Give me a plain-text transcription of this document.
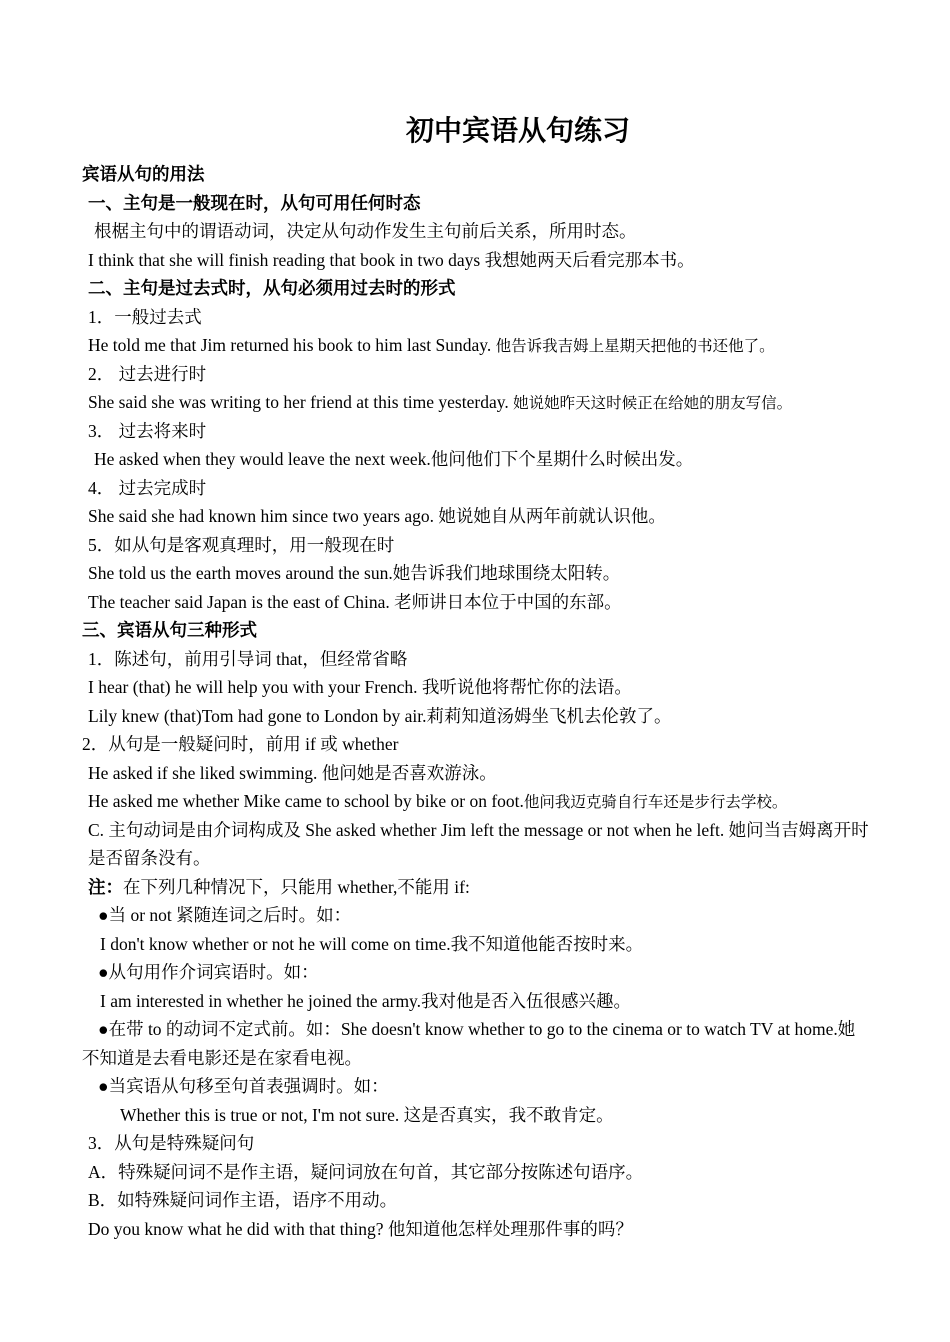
初中宾语从句练习
宾语从句的用法
一、主句是一般现在时，从句可用任何时态
根椐主句中的谓语动词，决定从句动作发生主句前后关系，所用时态。
I think that she will finish reading that book in two days 我想她两天后看完那本书。
二、主句是过去式时，从句必须用过去时的形式
1．一般过去式
He told me that Jim returned his book to him last Sunday. 他告诉我吉姆上星期天把他的书还他了。
2． 过去进行时
She said she was writing to her friend at this time yesterday. 她说她昨天这时候正在给她的朋友写信。
3． 过去将来时
He asked when they would leave the next week.他问他们下个星期什么时候出发。
4． 过去完成时
She said she had known him since two years ago. 她说她自从两年前就认识他。
5．如从句是客观真理时，用一般现在时
She told us the earth moves around the sun.她告诉我们地球围绕太阳转。
The teacher said Japan is the east of China. 老师讲日本位于中国的东部。
三、宾语从句三种形式
1．陈述句，前用引导词 that，但经常省略
I hear (that) he will help you with your French. 我听说他将帮忙你的法语。
Lily knew (that)Tom had gone to London by air.莉莉知道汤姆坐飞机去伦敦了。
2．从句是一般疑问时，前用 if 或 whether
He asked if she liked swimming. 他问她是否喜欢游泳。
He asked me whether Mike came to school by bike or on foot.他问我迈克骑自行车还是步行去学校。
C. 主句动词是由介词构成及 She asked whether Jim left the message or not when he left. 她问当吉姆离开时是否留条没有。
注：在下列几种情况下，只能用 whether,不能用 if:
●当 or not 紧随连词之后时。如：
I don't know whether or not he will come on time.我不知道他能否按时来。
●从句用作介词宾语时。如：
I am interested in whether he joined the army.我对他是否入伍很感兴趣。
●在带 to 的动词不定式前。如：She doesn't know whether to go to the cinema or to watch TV at home.她不知道是去看电影还是在家看电视。
●当宾语从句移至句首表强调时。如：
Whether this is true or not, I'm not sure. 这是否真实，我不敢肯定。
3．从句是特殊疑问句
A．特殊疑问词不是作主语，疑问词放在句首，其它部分按陈述句语序。
B．如特殊疑问词作主语，语序不用动。
Do you know what he did with that thing? 他知道他怎样处理那件事的吗？
